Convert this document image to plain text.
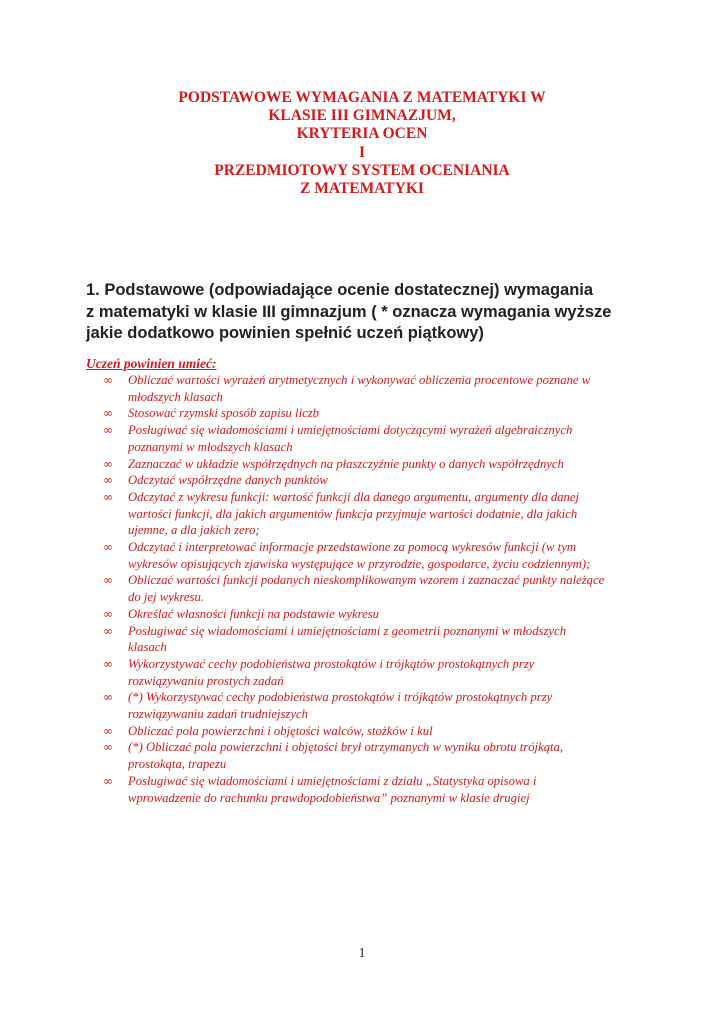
PODSTAWOWE WYMAGANIA Z MATEMATYKI W
KLASIE III GIMNAZJUM,
KRYTERIA OCEN
I
PRZEDMIOTOWY SYSTEM OCENIANIA
Z MATEMATYKI
1. Podstawowe (odpowiadające ocenie dostatecznej) wymagania
z matematyki w klasie III gimnazjum ( * oznacza wymagania wyższe
jakie dodatkowo powinien spełnić uczeń piątkowy)

Uczeń powinien umieć:

∞ Obliczać wartości wyrażeń arytmetycznych i wykonywać obliczenia procentowe poznane w
młodszych klasach
∞ Stosować rzymski sposób zapisu liczb
∞ Posługiwać się wiadomościami i umiejętnościami dotyczącymi wyrażeń algebraicznych
poznanymi w młodszych klasach
∞ Zaznaczać w układzie współrzędnych na płaszczyźnie punkty o danych współrzędnych
∞ Odczytać współrzędne danych punktów
∞ Odczytać z wykresu funkcji: wartość funkcji dla danego argumentu, argumenty dla danej
wartości funkcji, dla jakich argumentów funkcja przyjmuje wartości dodatnie, dla jakich
ujemne, a dla jakich zero;
∞ Odczytać i interpretować informacje przedstawione za pomocą wykresów funkcji (w tym
wykresów opisujących zjawiska występujące w przyrodzie, gospodarce, życiu codziennym);
∞ Obliczać wartości funkcji podanych nieskomplikowanym wzorem i zaznaczać punkty należące
do jej wykresu.
∞ Określać własności funkcji na podstawie wykresu
∞ Posługiwać się wiadomościami i umiejętnościami z geometrii poznanymi w młodszych
klasach
∞ Wykorzystywać cechy podobieństwa prostokątów i trójkątów prostokątnych przy
rozwiązywaniu prostych zadań
∞ (*) Wykorzystywać cechy podobieństwa prostokątów i trójkątów prostokątnych przy
rozwiązywaniu zadań trudniejszych
∞ Obliczać pola powierzchni i objętości walców, stożków i kul
∞ (*) Obliczać pola powierzchni i objętości brył otrzymanych w wyniku obrotu trójkąta,
prostokąta, trapezu
∞ Posługiwać się wiadomościami i umiejętnościami z działu „Statystyka opisowa i
wprowadzenie do rachunku prawdopodobieństwa” poznanymi w klasie drugiej
1
